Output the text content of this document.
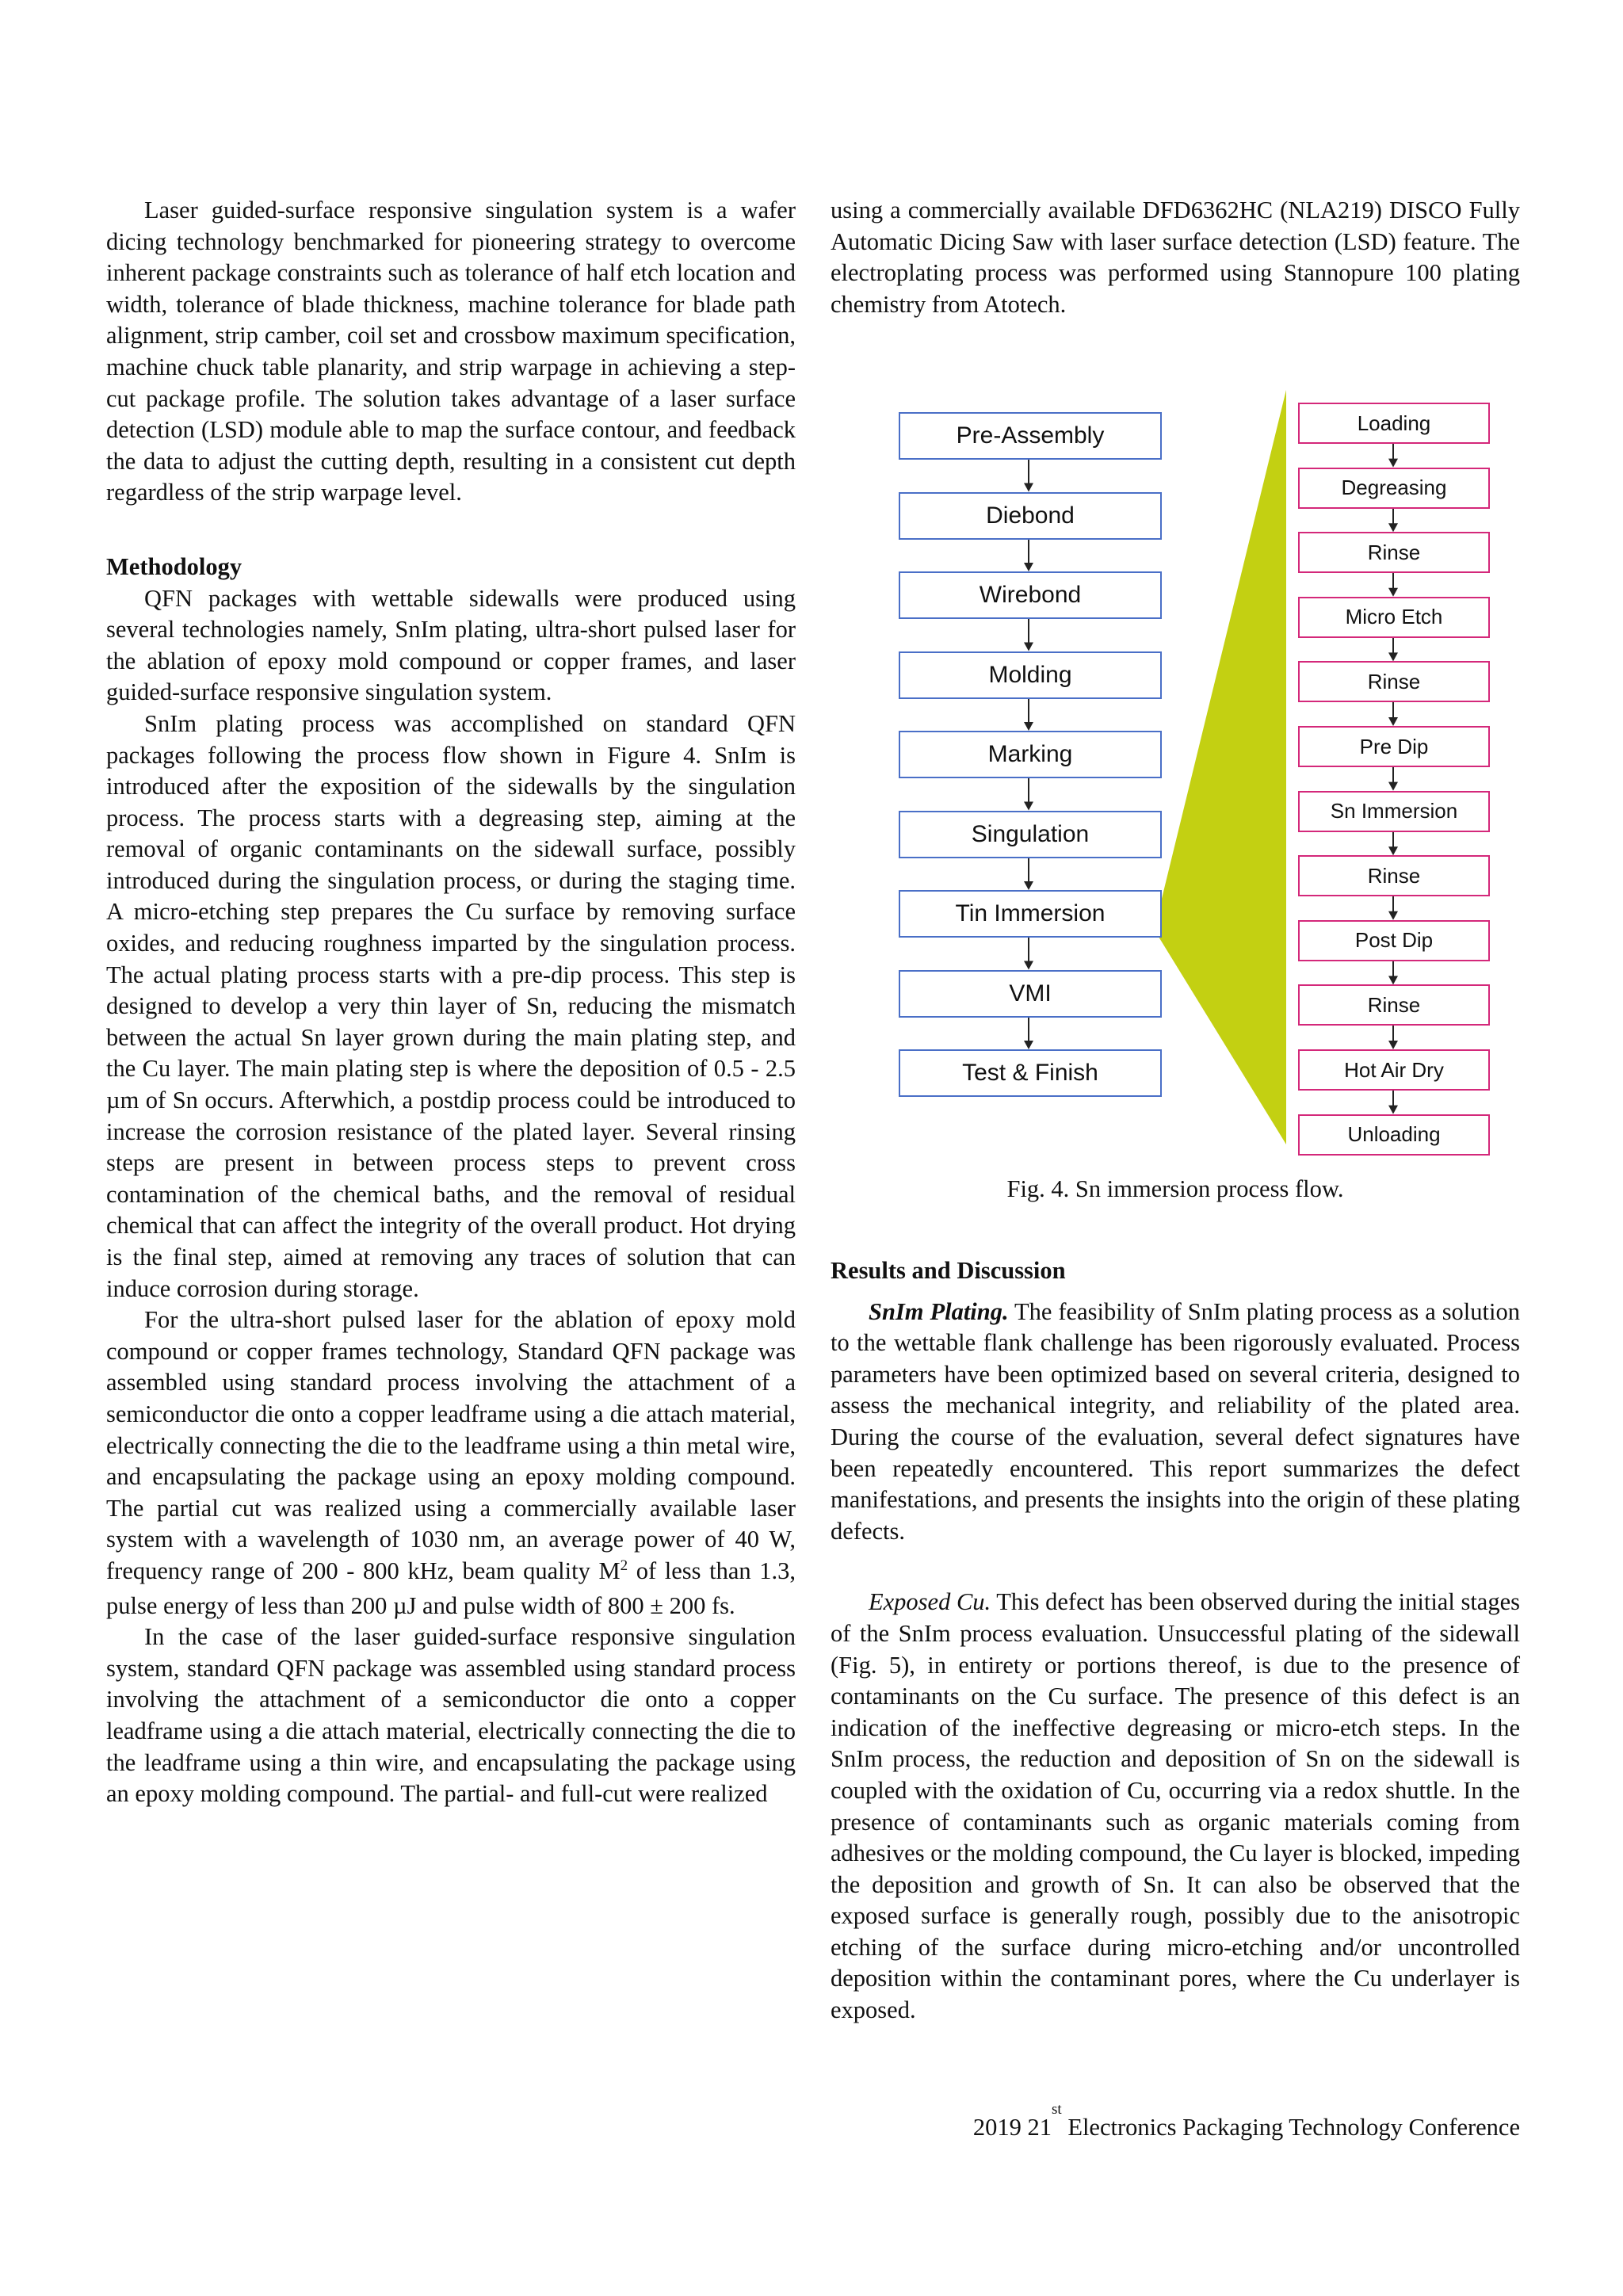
Laser guided-surface responsive singulation system is a wafer dicing technology benchmarked for pioneering strategy to overcome inherent package constraints such as tolerance of half etch location and width, tolerance of blade thickness, machine tolerance for blade path alignment, strip camber, coil set and crossbow maximum specification, machine chuck table planarity, and strip warpage in achieving a step-cut package profile. The solution takes advantage of a laser surface detection (LSD) module able to map the surface contour, and feedback the data to adjust the cutting depth, resulting in a consistent cut depth regardless of the strip warpage level.

Methodology

QFN packages with wettable sidewalls were produced using several technologies namely, SnIm plating, ultra-short pulsed laser for the ablation of epoxy mold compound or copper frames, and laser guided-surface responsive singulation system.

SnIm plating process was accomplished on standard QFN packages following the process flow shown in Figure 4. SnIm is introduced after the exposition of the sidewalls by the singulation process. The process starts with a degreasing step, aiming at the removal of organic contaminants on the sidewall surface, possibly introduced during the singulation process, or during the staging time. A micro-etching step prepares the Cu surface by removing surface oxides, and reducing roughness imparted by the singulation process. The actual plating process starts with a pre-dip process. This step is designed to develop a very thin layer of Sn, reducing the mismatch between the actual Sn layer grown during the main plating step, and the Cu layer. The main plating step is where the deposition of 0.5 - 2.5 µm of Sn occurs. Afterwhich, a postdip process could be introduced to increase the corrosion resistance of the plated layer. Several rinsing steps are present in between process steps to prevent cross contamination of the chemical baths, and the removal of residual chemical that can affect the integrity of the overall product. Hot drying is the final step, aimed at removing any traces of solution that can induce corrosion during storage.

For the ultra-short pulsed laser for the ablation of epoxy mold compound or copper frames technology, Standard QFN package was assembled using standard process involving the attachment of a semiconductor die onto a copper leadframe using a die attach material, electrically connecting the die to the leadframe using a thin metal wire, and encapsulating the package using an epoxy molding compound. The partial cut was realized using a commercially available laser system with a wavelength of 1030 nm, an average power of 40 W, frequency range of 200 - 800 kHz, beam quality $M^2$ of less than 1.3, pulse energy of less than 200 µJ and pulse width of 800 ± 200 fs.

In the case of the laser guided-surface responsive singulation system, standard QFN package was assembled using standard process involving the attachment of a semiconductor die onto a copper leadframe using a die attach material, electrically connecting the die to the leadframe using a thin wire, and encapsulating the package using an epoxy molding compound. The partial- and full-cut were realized

using a commercially available DFD6362HC (NLA219) DISCO Fully Automatic Dicing Saw with laser surface detection (LSD) feature. The electroplating process was performed using Stannopure 100 plating chemistry from Atotech.

Pre-Assembly
Diebond
Wirebond
Molding
Marking
Singulation
Tin Immersion
VMI
Test & Finish
Loading
Degreasing
Rinse
Micro Etch
Rinse
Pre Dip
Sn Immersion
Rinse
Post Dip
Rinse
Hot Air Dry
Unloading
Fig. 4. Sn immersion process flow.

Results and Discussion

SnIm Plating. The feasibility of SnIm plating process as a solution to the wettable flank challenge has been rigorously evaluated. Process parameters have been optimized based on several criteria, designed to assess the mechanical integrity, and reliability of the plated area. During the course of the evaluation, several defect signatures have been repeatedly encountered. This report summarizes the defect manifestations, and presents the insights into the origin of these plating defects.

Exposed Cu. This defect has been observed during the initial stages of the SnIm process evaluation. Unsuccessful plating of the sidewall (Fig. 5), in entirety or portions thereof, is due to the presence of contaminants on the Cu surface. The presence of this defect is an indication of the ineffective degreasing or micro-etch steps. In the SnIm process, the reduction and deposition of Sn on the sidewall is coupled with the oxidation of Cu, occurring via a redox shuttle. In the presence of contaminants such as organic materials coming from adhesives or the molding compound, the Cu layer is blocked, impeding the deposition and growth of Sn. It can also be observed that the exposed surface is generally rough, possibly due to the anisotropic etching of the surface during micro-etching and/or uncontrolled deposition within the contaminant pores, where the Cu underlayer is exposed.

2019 21st Electronics Packaging Technology Conference
